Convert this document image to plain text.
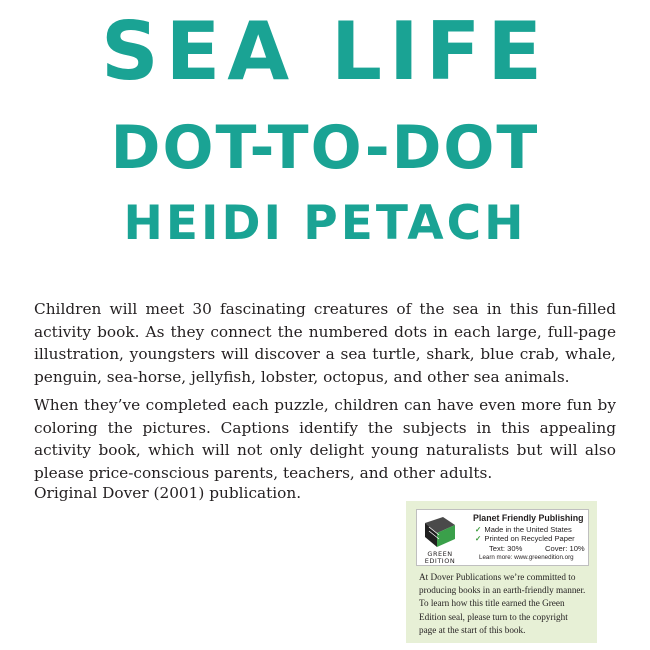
SEA LIFE
DOT-TO-DOT
HEIDI PETACH

Children will meet 30 fascinating creatures of the sea in this fun-filled activity book. As they connect the numbered dots in each large, full-page illustration, youngsters will discover a sea turtle, shark, blue crab, whale, penguin, sea-horse, jellyfish, lobster, octopus, and other sea animals.

When they’ve completed each puzzle, children can have even more fun by coloring the pictures. Captions identify the subjects in this appealing activity book, which will not only delight young naturalists but will also please price-conscious parents, teachers, and other adults.

Original Dover (2001) publication.

GREEN EDITION

Planet Friendly Publishing

✓ Made in the United States

✓ Printed on Recycled Paper

Text: 30%	Cover: 10%

Learn more: www.greenedition.org

At Dover Publications we’re committed to producing books in an earth-friendly manner. To learn how this title earned the Green Edition seal, please turn to the copyright page at the start of this book.
